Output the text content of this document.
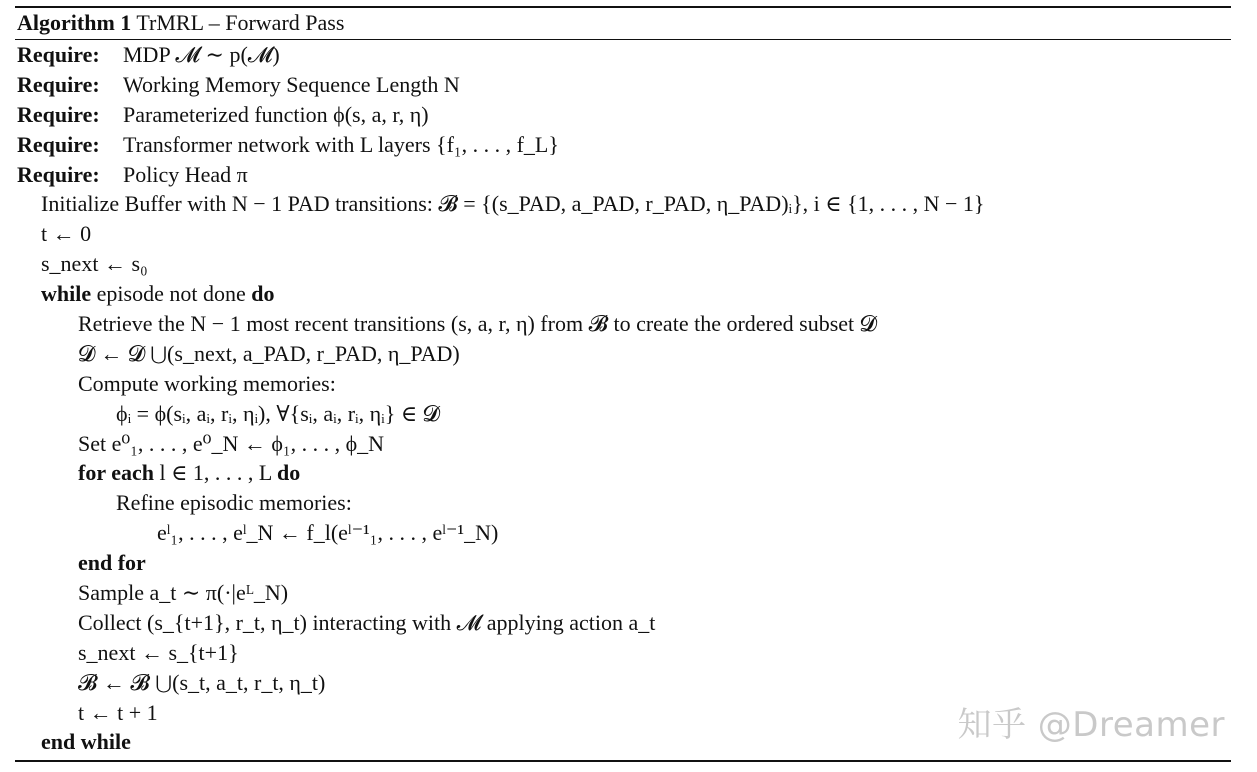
Algorithm 1 TrMRL – Forward Pass
Require: MDP 𝓜 ∼ p(𝓜)
Require: Working Memory Sequence Length N
Require: Parameterized function ϕ(s, a, r, η)
Require: Transformer network with L layers {f₁, . . . , f_L}
Require: Policy Head π
Initialize Buffer with N − 1 PAD transitions: 𝓑 = {(s_PAD, a_PAD, r_PAD, η_PAD)ᵢ}, i ∈ {1, . . . , N − 1}
t ← 0
s_next ← s₀
while episode not done do
Retrieve the N − 1 most recent transitions (s, a, r, η) from 𝓑 to create the ordered subset 𝓓
𝓓 ← 𝓓 ⋃(s_next, a_PAD, r_PAD, η_PAD)
Compute working memories:
ϕᵢ = ϕ(sᵢ, aᵢ, rᵢ, ηᵢ), ∀{sᵢ, aᵢ, rᵢ, ηᵢ} ∈ 𝓓
Set e⁰₁, . . . , e⁰_N ← ϕ₁, . . . , ϕ_N
for each l ∈ 1, . . . , L do
Refine episodic memories:
eˡ₁, . . . , eˡ_N ← f_l(eˡ⁻¹₁, . . . , eˡ⁻¹_N)
end for
Sample a_t ∼ π(·|eᴸ_N)
Collect (s_{t+1}, r_t, η_t) interacting with 𝓜 applying action a_t
s_next ← s_{t+1}
𝓑 ← 𝓑 ⋃(s_t, a_t, r_t, η_t)
t ← t + 1
end while	知乎 @Dreamer
